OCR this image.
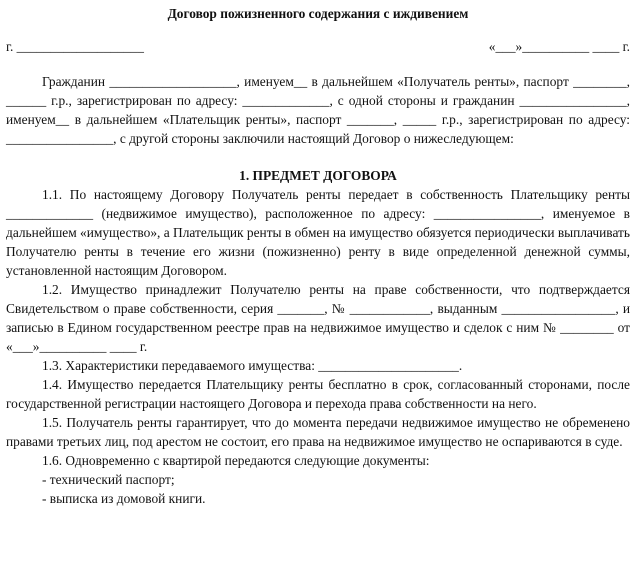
Договор пожизненного содержания с иждивением
г. ___________________	«___»__________ ____ г.

Гражданин ___________________, именуем__ в дальнейшем «Получатель ренты», паспорт ________, ______ г.р., зарегистрирован по адресу: _____________, с одной стороны и гражданин ________________, именуем__ в дальнейшем «Плательщик ренты», паспорт _______, _____ г.р., зарегистрирован по адресу: ________________, с другой стороны заключили настоящий Договор о нижеследующем:

1. ПРЕДМЕТ ДОГОВОРА

1.1. По настоящему Договору Получатель ренты передает в собственность Плательщику ренты _____________ (недвижимое имущество), расположенное по адресу: ________________, именуемое в дальнейшем «имущество», а Плательщик ренты в обмен на имущество обязуется периодически выплачивать Получателю ренты в течение его жизни (пожизненно) ренту в виде определенной денежной суммы, установленной настоящим Договором.

1.2. Имущество принадлежит Получателю ренты на праве собственности, что подтверждается Свидетельством о праве собственности, серия _______, № ____________, выданным _________________, и записью в Едином государственном реестре прав на недвижимое имущество и сделок с ним № ________ от «___»__________ ____ г.

1.3. Характеристики передаваемого имущества: _____________________.

1.4. Имущество передается Плательщику ренты бесплатно в срок, согласованный сторонами, после государственной регистрации настоящего Договора и перехода права собственности на него.

1.5. Получатель ренты гарантирует, что до момента передачи недвижимое имущество не обременено правами третьих лиц, под арестом не состоит, его права на недвижимое имущество не оспариваются в суде.

1.6. Одновременно с квартирой передаются следующие документы:

- технический паспорт;
- выписка из домовой книги.
